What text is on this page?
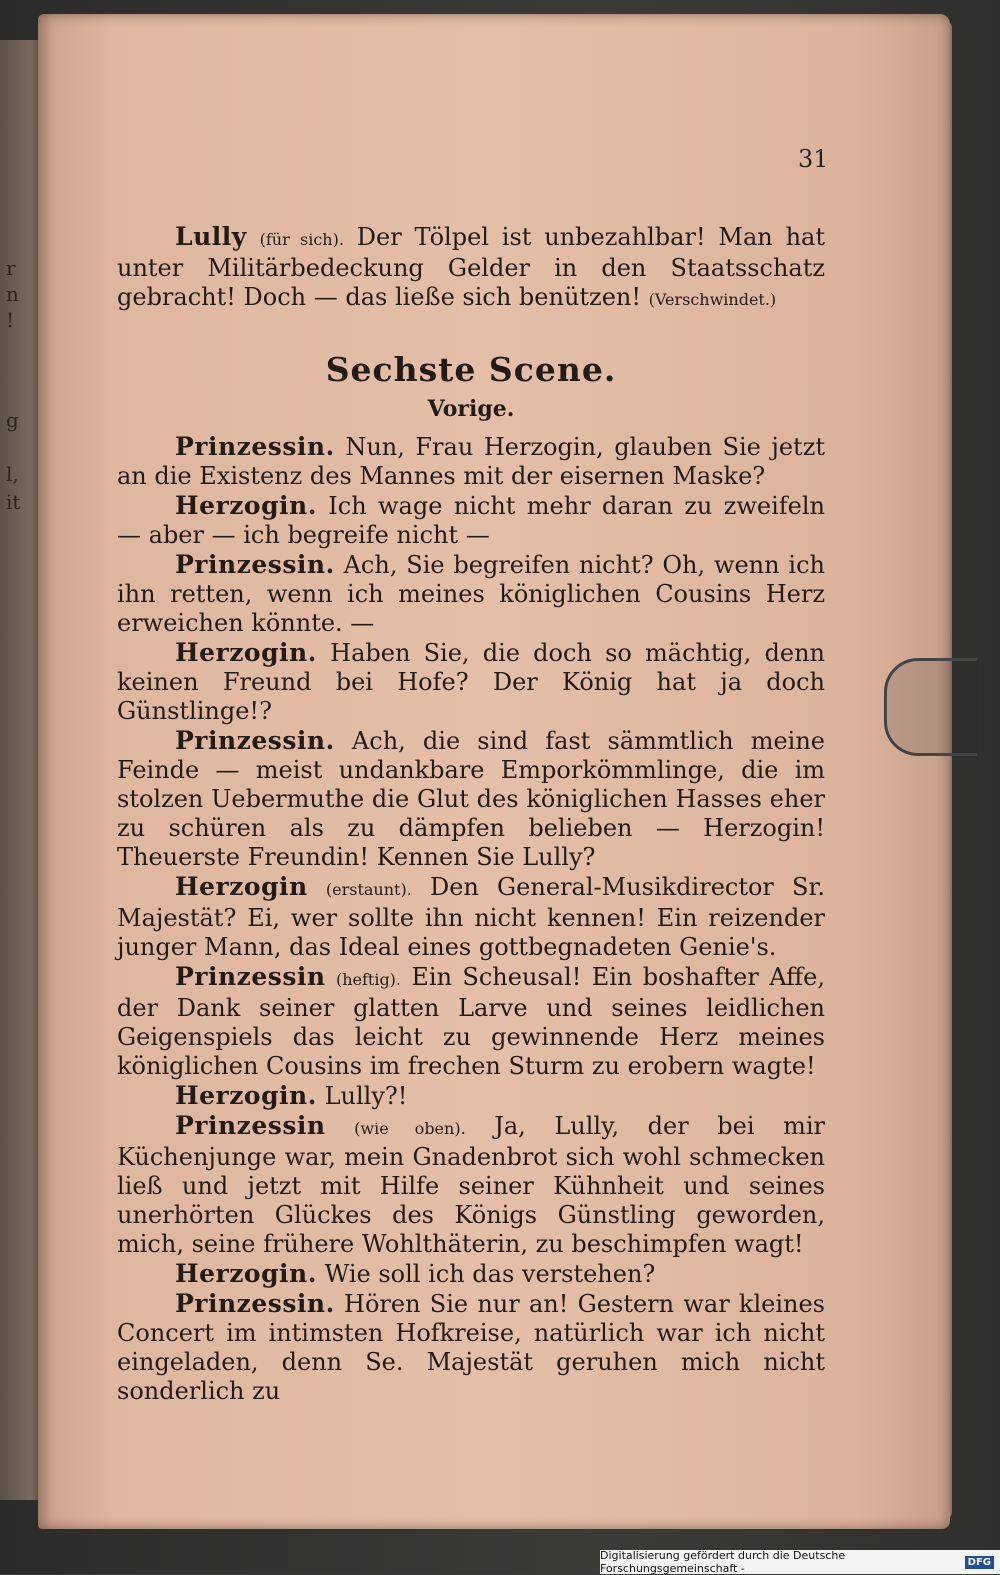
r
n
!
g
l,
it
31

Lully (für sich). Der Tölpel ist unbezahlbar! Man hat unter Militärbedeckung Gelder in den Staatsschatz gebracht! Doch — das ließe sich benützen! (Verschwindet.)

Sechste Scene.
Vorige.

Prinzessin. Nun, Frau Herzogin, glauben Sie jetzt an die Existenz des Mannes mit der eisernen Maske?

Herzogin. Ich wage nicht mehr daran zu zweifeln — aber — ich begreife nicht —

Prinzessin. Ach, Sie begreifen nicht? Oh, wenn ich ihn retten, wenn ich meines königlichen Cousins Herz erweichen könnte. —

Herzogin. Haben Sie, die doch so mächtig, denn keinen Freund bei Hofe? Der König hat ja doch Günstlinge!?

Prinzessin. Ach, die sind fast sämmtlich meine Feinde — meist undankbare Emporkömmlinge, die im stolzen Uebermuthe die Glut des königlichen Hasses eher zu schüren als zu dämpfen belieben — Herzogin! Theuerste Freundin! Kennen Sie Lully?

Herzogin (erstaunt). Den General-Musikdirector Sr. Majestät? Ei, wer sollte ihn nicht kennen! Ein reizender junger Mann, das Ideal eines gottbegnadeten Genie's.

Prinzessin (heftig). Ein Scheusal! Ein boshafter Affe, der Dank seiner glatten Larve und seines leidlichen Geigenspiels das leicht zu gewinnende Herz meines königlichen Cousins im frechen Sturm zu erobern wagte!

Herzogin. Lully?!

Prinzessin (wie oben). Ja, Lully, der bei mir Küchenjunge war, mein Gnadenbrot sich wohl schmecken ließ und jetzt mit Hilfe seiner Kühnheit und seines unerhörten Glückes des Königs Günstling geworden, mich, seine frühere Wohlthäterin, zu beschimpfen wagt!

Herzogin. Wie soll ich das verstehen?

Prinzessin. Hören Sie nur an! Gestern war kleines Concert im intimsten Hofkreise, natürlich war ich nicht eingeladen, denn Se. Majestät geruhen mich nicht sonderlich zu

Digitalisierung gefördert durch die Deutsche Forschungsgemeinschaft -	DFG
